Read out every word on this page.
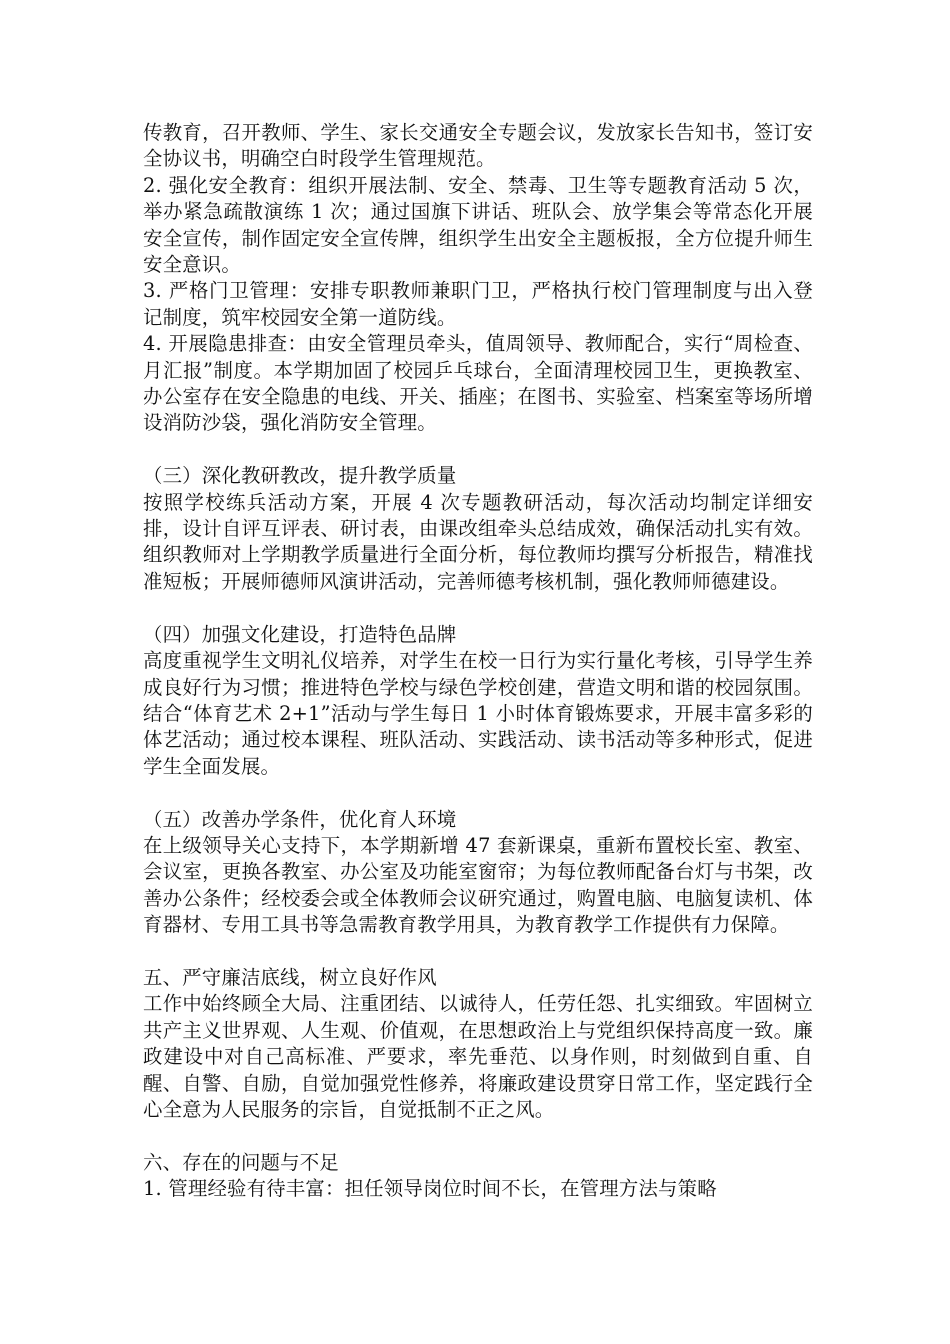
传教育，召开教师、学生、家长交通安全专题会议，发放家长告知书，签订安全协议书，明确空白时段学生管理规范。

2. 强化安全教育：组织开展法制、安全、禁毒、卫生等专题教育活动 5 次，举办紧急疏散演练 1 次；通过国旗下讲话、班队会、放学集会等常态化开展安全宣传，制作固定安全宣传牌，组织学生出安全主题板报，全方位提升师生安全意识。

3. 严格门卫管理：安排专职教师兼职门卫，严格执行校门管理制度与出入登记制度，筑牢校园安全第一道防线。

4. 开展隐患排查：由安全管理员牵头，值周领导、教师配合，实行“周检查、月汇报”制度。本学期加固了校园乒乓球台，全面清理校园卫生，更换教室、办公室存在安全隐患的电线、开关、插座；在图书、实验室、档案室等场所增设消防沙袋，强化消防安全管理。

（三）深化教研教改，提升教学质量

按照学校练兵活动方案，开展 4 次专题教研活动，每次活动均制定详细安排，设计自评互评表、研讨表，由课改组牵头总结成效，确保活动扎实有效。组织教师对上学期教学质量进行全面分析，每位教师均撰写分析报告，精准找准短板；开展师德师风演讲活动，完善师德考核机制，强化教师师德建设。

（四）加强文化建设，打造特色品牌

高度重视学生文明礼仪培养，对学生在校一日行为实行量化考核，引导学生养成良好行为习惯；推进特色学校与绿色学校创建，营造文明和谐的校园氛围。结合“体育艺术 2+1”活动与学生每日 1 小时体育锻炼要求，开展丰富多彩的体艺活动；通过校本课程、班队活动、实践活动、读书活动等多种形式，促进学生全面发展。

（五）改善办学条件，优化育人环境

在上级领导关心支持下，本学期新增 47 套新课桌，重新布置校长室、教室、会议室，更换各教室、办公室及功能室窗帘；为每位教师配备台灯与书架，改善办公条件；经校委会或全体教师会议研究通过，购置电脑、电脑复读机、体育器材、专用工具书等急需教育教学用具，为教育教学工作提供有力保障。

五、严守廉洁底线，树立良好作风

工作中始终顾全大局、注重团结、以诚待人，任劳任怨、扎实细致。牢固树立共产主义世界观、人生观、价值观，在思想政治上与党组织保持高度一致。廉政建设中对自己高标准、严要求，率先垂范、以身作则，时刻做到自重、自醒、自警、自励，自觉加强党性修养，将廉政建设贯穿日常工作，坚定践行全心全意为人民服务的宗旨，自觉抵制不正之风。

六、存在的问题与不足

1. 管理经验有待丰富：担任领导岗位时间不长，在管理方法与策略
